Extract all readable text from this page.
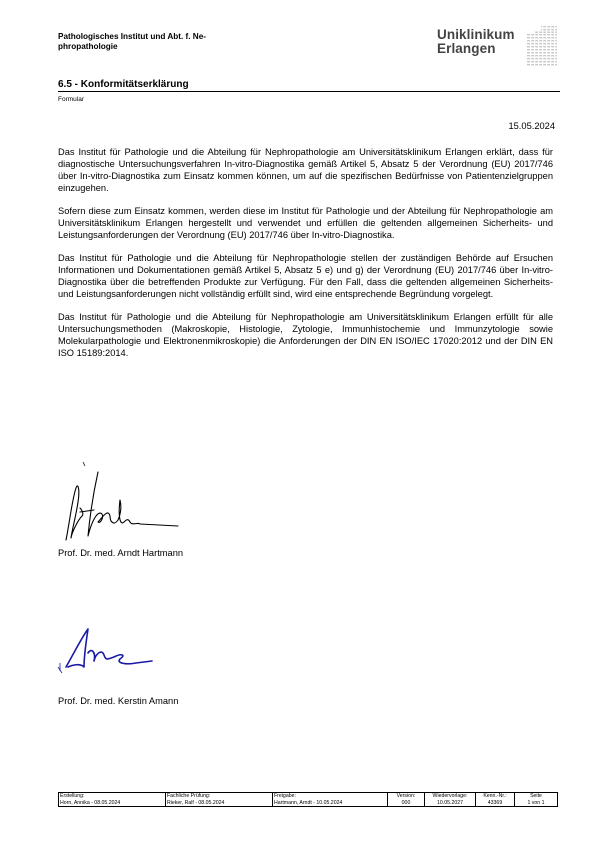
Pathologisches Institut und Abt. f. Ne-phropathologie
Uniklinikum
Erlangen
6.5 - Konformitätserklärung
Formular
15.05.2024

Das Institut für Pathologie und die Abteilung für Nephropathologie am Universitätsklinikum Erlangen erklärt, dass für diagnostische Untersuchungsverfahren In-vitro-Diagnostika gemäß Artikel 5, Absatz 5 der Verordnung (EU) 2017/746 über In-vitro-Diagnostika zum Einsatz kommen können, um auf die spezifischen Bedürfnisse von Patientenzielgruppen einzugehen.

Sofern diese zum Einsatz kommen, werden diese im Institut für Pathologie und der Abteilung für Nephropathologie am Universitätsklinikum Erlangen hergestellt und verwendet und erfüllen die geltenden allgemeinen Sicherheits- und Leistungsanforderungen der Verordnung (EU) 2017/746 über In-vitro-Diagnostika.

Das Institut für Pathologie und die Abteilung für Nephropathologie stellen der zuständigen Behörde auf Ersuchen Informationen und Dokumentationen gemäß Artikel 5, Absatz 5 e) und g) der Verordnung (EU) 2017/746 über In-vitro-Diagnostika über die betreffenden Produkte zur Verfügung. Für den Fall, dass die geltenden allgemeinen Sicherheits- und Leistungsanforderungen nicht vollständig erfüllt sind, wird eine entsprechende Begründung vorgelegt.

Das Institut für Pathologie und die Abteilung für Nephropathologie am Universitätsklinikum Erlangen erfüllt für alle Untersuchungsmethoden (Makroskopie, Histologie, Zytologie, Immunhistochemie und Immunzytologie sowie Molekularpathologie und Elektronenmikroskopie) die Anforderungen der DIN EN ISO/IEC 17020:2012 und der DIN EN ISO 15189:2014.

Prof. Dr. med. Arndt Hartmann
Prof. Dr. med. Kerstin Amann
Erstellung:
Horn, Annika - 08.05.2024

Fachliche Prüfung:
Rieker, Ralf - 08.05.2024

Freigabe:
Hartmann, Arndt - 10.05.2024

Version:
000

Wiedervorlage:
10.05.2027

Kenn.-Nr.:
43369

Seite
1 von 1
